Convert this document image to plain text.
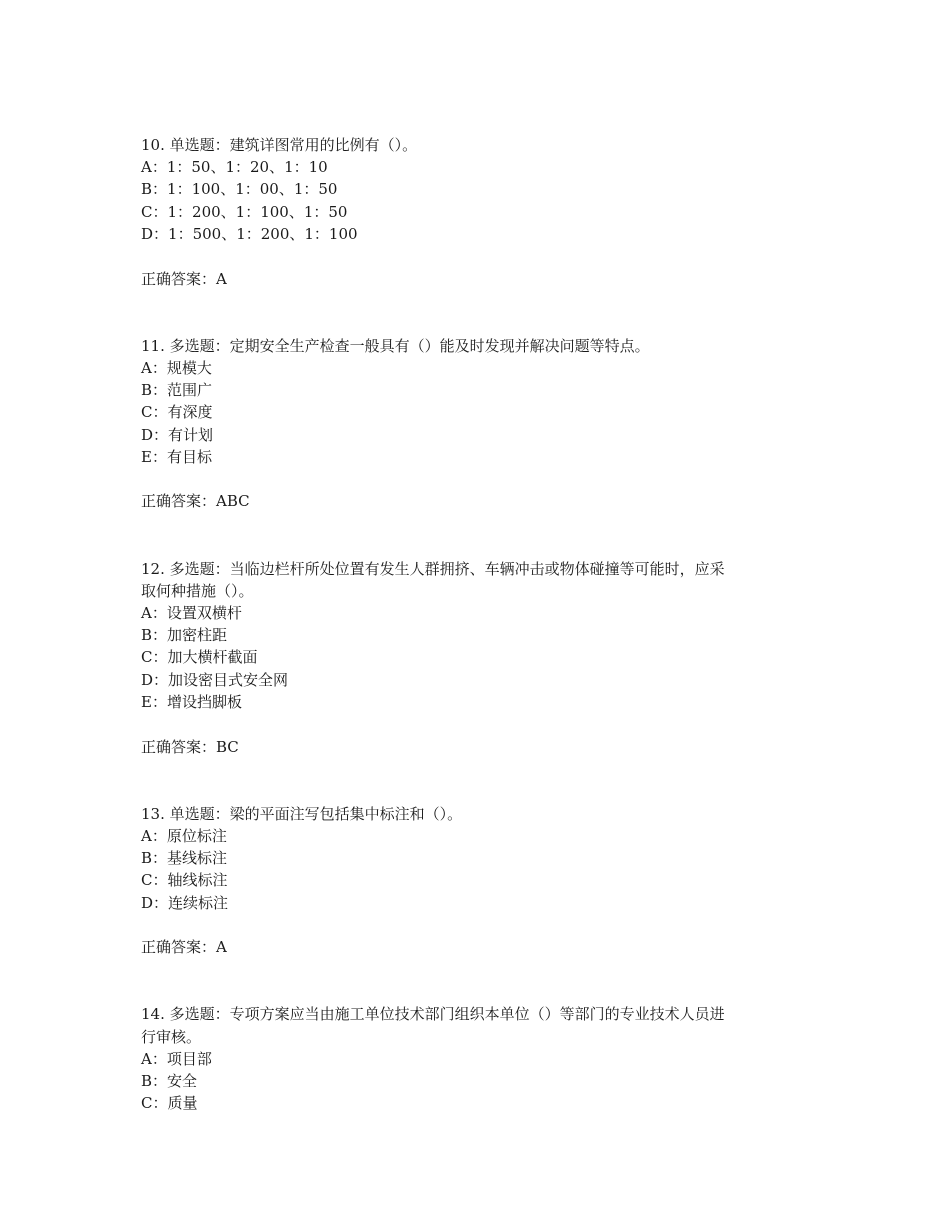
10. 单选题：建筑详图常用的比例有（）。
A：1：50、1：20、1：10
B：1：100、1：00、1：50
C：1：200、1：100、1：50
D：1：500、1：200、1：100
正确答案：A
11. 多选题：定期安全生产检查一般具有（）能及时发现并解决问题等特点。
A：规模大
B：范围广
C：有深度
D：有计划
E：有目标
正确答案：ABC
12. 多选题：当临边栏杆所处位置有发生人群拥挤、车辆冲击或物体碰撞等可能时，应采
取何种措施（）。
A：设置双横杆
B：加密柱距
C：加大横杆截面
D：加设密目式安全网
E：增设挡脚板
正确答案：BC
13. 单选题：梁的平面注写包括集中标注和（）。
A：原位标注
B：基线标注
C：轴线标注
D：连续标注
正确答案：A
14. 多选题：专项方案应当由施工单位技术部门组织本单位（）等部门的专业技术人员进
行审核。
A：项目部
B：安全
C：质量
